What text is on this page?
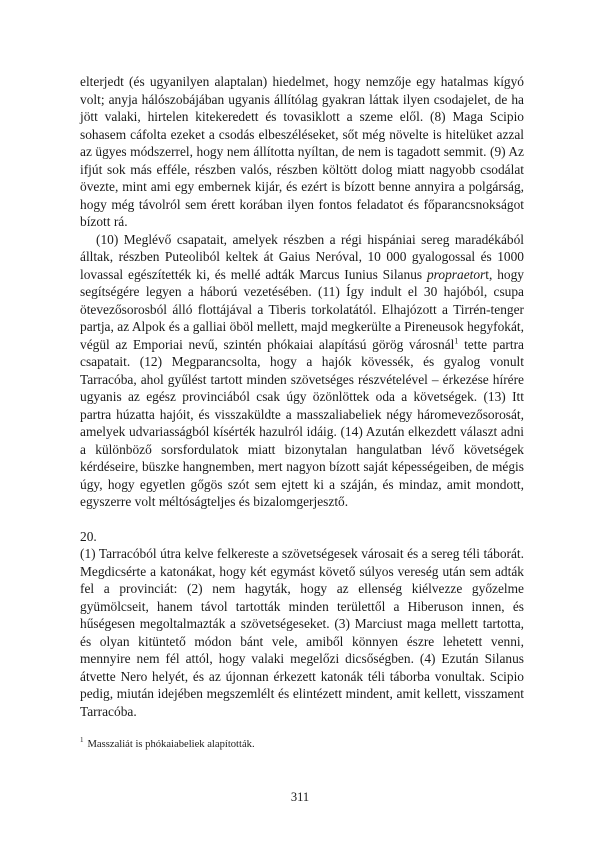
elterjedt (és ugyanilyen alaptalan) hiedelmet, hogy nemzője egy hatalmas kígyó volt; anyja hálószobájában ugyanis állítólag gyakran láttak ilyen csodajelet, de ha jött valaki, hirtelen kitekeredett és tovasiklott a szeme elől. (8) Maga Scipio sohasem cáfolta ezeket a csodás elbeszéléseket, sőt még növelte is hitelüket azzal az ügyes módszerrel, hogy nem állította nyíltan, de nem is tagadott semmit. (9) Az ifjút sok más efféle, részben valós, részben költött dolog miatt nagyobb csodálat övezte, mint ami egy embernek kijár, és ezért is bízott benne annyira a polgárság, hogy még távolról sem érett korában ilyen fontos feladatot és főparancsnokságot bízott rá.

(10) Meglévő csapatait, amelyek részben a régi hispániai sereg maradékából álltak, részben Puteoliból keltek át Gaius Neróval, 10 000 gyalogossal és 1000 lovassal egészítették ki, és mellé adták Marcus Iunius Silanus propraetort, hogy segítségére legyen a háború vezetésében. (11) Így indult el 30 hajóból, csupa ötevezősorosból álló flottájával a Tiberis torkolatától. Elhajózott a Tirrén-tenger partja, az Alpok és a galliai öböl mellett, majd megkerülte a Pireneusok hegyfokát, végül az Emporiai nevű, szintén phókaiai alapítású görög városnál$^1$ tette partra csapatait. (12) Megparancsolta, hogy a hajók kövessék, és gyalog vonult Tarracóba, ahol gyűlést tartott minden szövetséges részvételével – érkezése hírére ugyanis az egész provinciából csak úgy özönlöttek oda a követségek. (13) Itt partra húzatta hajóit, és visszaküldte a masszaliabeliek négy háromevezősorosát, amelyek udvariasságból kísérték hazulról idáig. (14) Azután elkezdett választ adni a különböző sorsfordulatok miatt bizonytalan hangulatban lévő követségek kérdéseire, büszke hangnemben, mert nagyon bízott saját képességeiben, de mégis úgy, hogy egyetlen gőgös szót sem ejtett ki a száján, és mindaz, amit mondott, egyszerre volt méltóságteljes és bizalomgerjesztő.

20.

(1) Tarracóból útra kelve felkereste a szövetségesek városait és a sereg téli táborát. Megdicsérte a katonákat, hogy két egymást követő súlyos vereség után sem adták fel a provinciát: (2) nem hagyták, hogy az ellenség kiélvezze győzelme gyümölcseit, hanem távol tartották minden területtől a Hiberuson innen, és hűségesen megoltalmazták a szövetségeseket. (3) Marciust maga mellett tartotta, és olyan kitüntető módon bánt vele, amiből könnyen észre lehetett venni, mennyire nem fél attól, hogy valaki megelőzi dicsőségben. (4) Ezután Silanus átvette Nero helyét, és az újonnan érkezett katonák téli táborba vonultak. Scipio pedig, miután idejében megszemlélt és elintézett mindent, amit kellett, visszament Tarracóba.

$^1$ Masszaliát is phókaiabeliek alapították.
311
